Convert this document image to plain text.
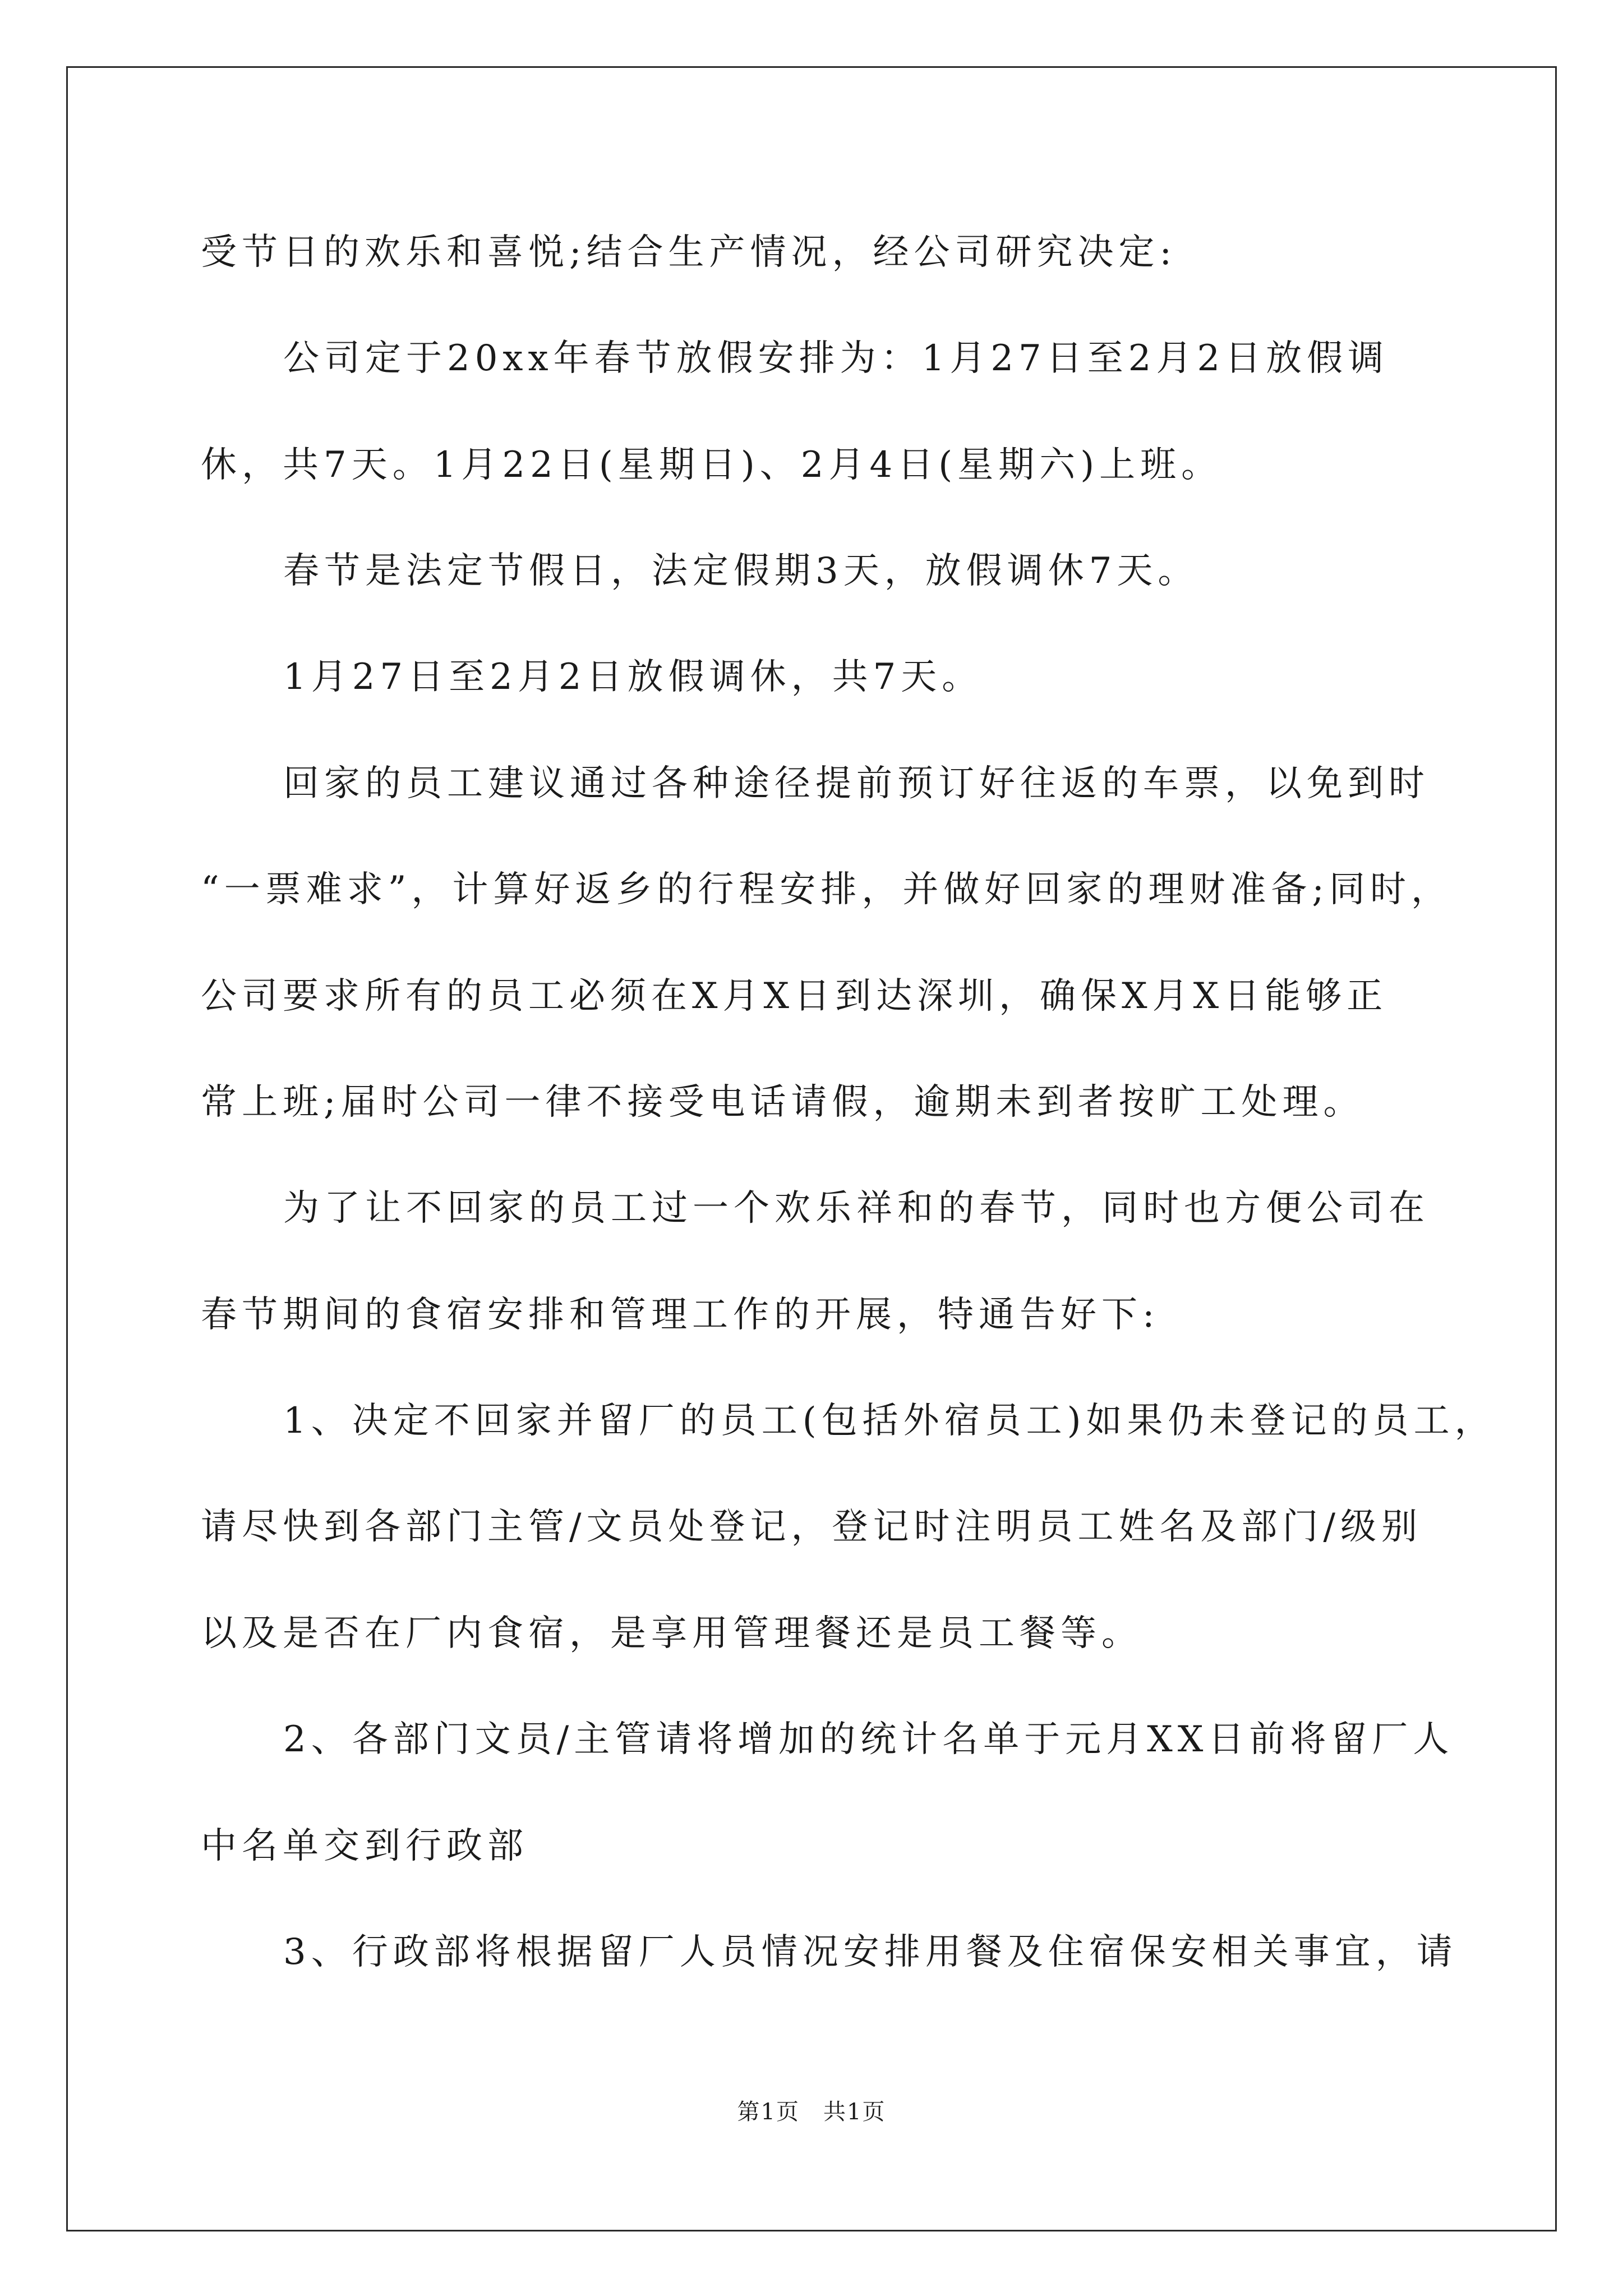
受节日的欢乐和喜悦;结合生产情况，经公司研究决定:
公司定于20xx年春节放假安排为：1月27日至2月2日放假调
休，共7天。1月22日(星期日)、2月4日(星期六)上班。
春节是法定节假日，法定假期3天，放假调休7天。
1月27日至2月2日放假调休，共7天。
回家的员工建议通过各种途径提前预订好往返的车票，以免到时
“一票难求”，计算好返乡的行程安排，并做好回家的理财准备;同时，
公司要求所有的员工必须在X月X日到达深圳，确保X月X日能够正
常上班;届时公司一律不接受电话请假，逾期未到者按旷工处理。
为了让不回家的员工过一个欢乐祥和的春节，同时也方便公司在
春节期间的食宿安排和管理工作的开展，特通告好下:
1、决定不回家并留厂的员工(包括外宿员工)如果仍未登记的员工，
请尽快到各部门主管/文员处登记，登记时注明员工姓名及部门/级别
以及是否在厂内食宿，是享用管理餐还是员工餐等。
2、各部门文员/主管请将增加的统计名单于元月XX日前将留厂人
中名单交到行政部
3、行政部将根据留厂人员情况安排用餐及住宿保安相关事宜，请
第1页　共1页
